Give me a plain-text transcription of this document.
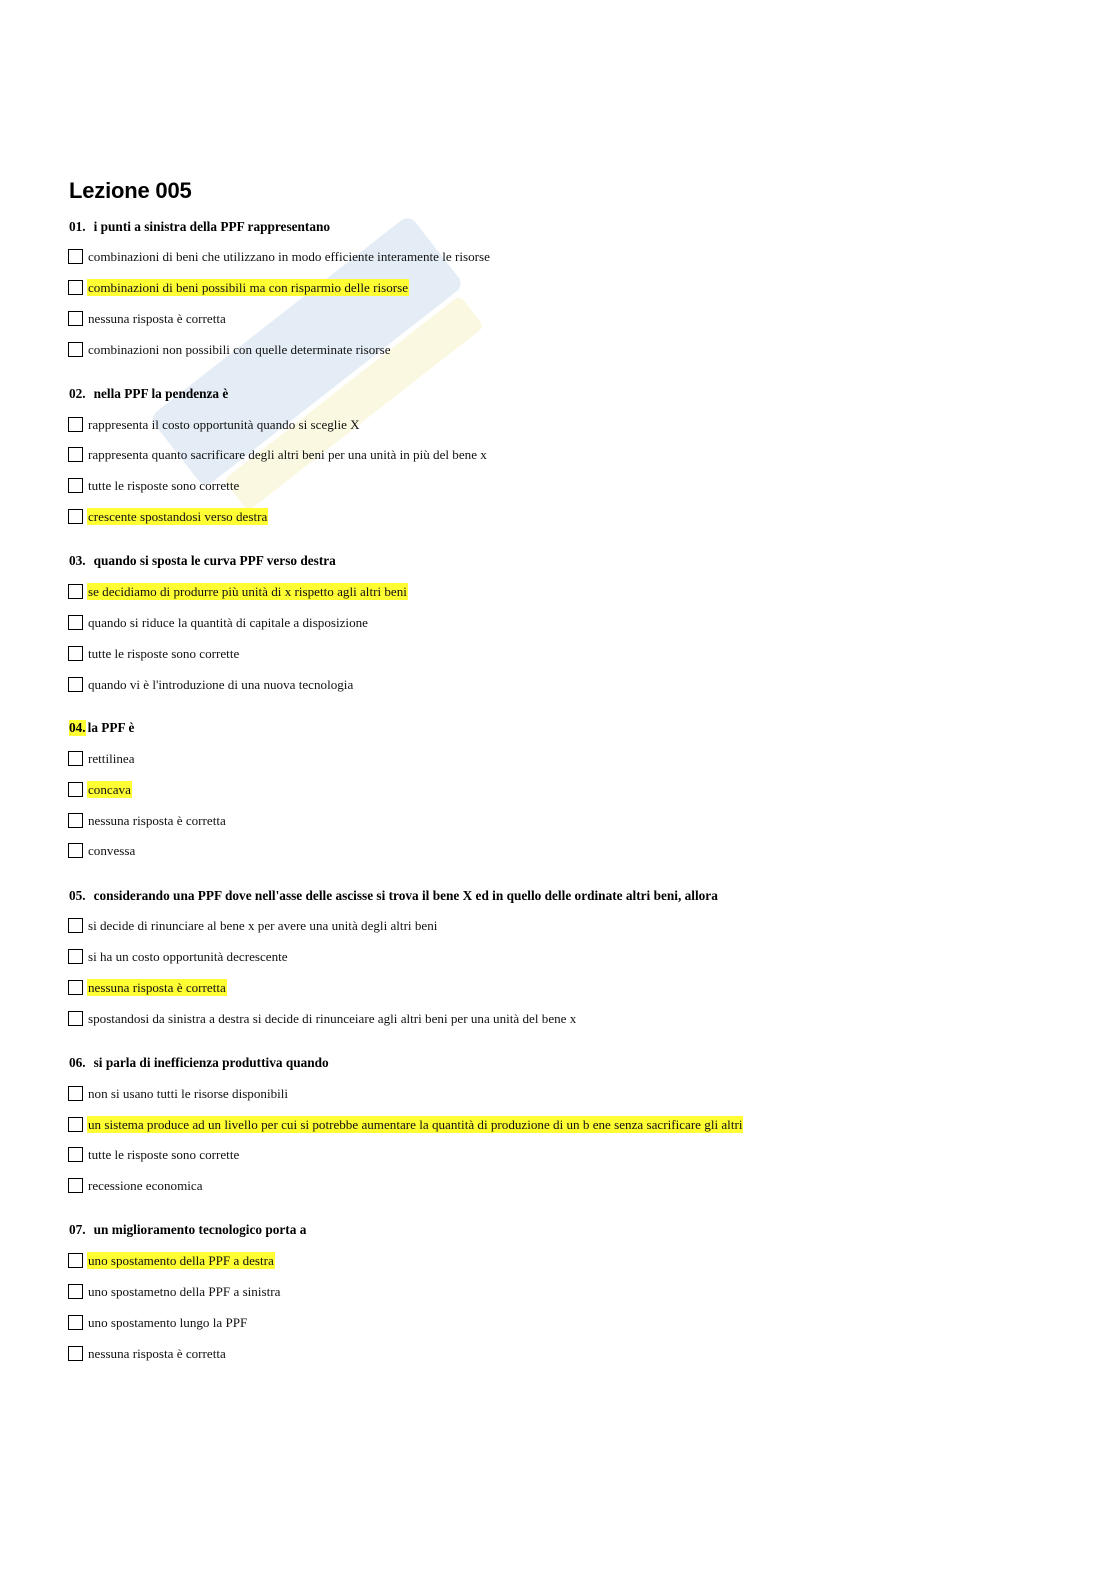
Lezione 005
01. i punti a sinistra della PPF rappresentano
combinazioni di beni che utilizzano in modo efficiente interamente le risorse
combinazioni di beni possibili ma con risparmio delle risorse
nessuna risposta è corretta
combinazioni non possibili con quelle determinate risorse
02. nella PPF la pendenza è
rappresenta il costo opportunità quando si sceglie X
rappresenta quanto sacrificare degli altri beni per una unità in più del bene x
tutte le risposte sono corrette
crescente spostandosi verso destra
03. quando si sposta le curva PPF verso destra
se decidiamo di produrre più unità di x rispetto agli altri beni
quando si riduce la quantità di capitale a disposizione
tutte le risposte sono corrette
quando vi è l'introduzione di una nuova tecnologia
04. la PPF è
rettilinea
concava
nessuna risposta è corretta
convessa
05. considerando una PPF dove nell'asse delle ascisse si trova il bene X ed in quello delle ordinate altri beni, allora
si decide di rinunciare al bene x per avere una unità degli altri beni
si ha un costo opportunità decrescente
nessuna risposta è corretta
spostandosi da sinistra a destra si decide di rinunceiare agli altri beni per una unità del bene x
06. si parla di inefficienza produttiva quando
non si usano tutti le risorse disponibili
un sistema produce ad un livello per cui si potrebbe aumentare la quantità di produzione di un b ene senza sacrificare gli altri
tutte le risposte sono corrette
recessione economica
07. un miglioramento tecnologico porta a
uno spostamento della PPF a destra
uno spostametno della PPF a sinistra
uno spostamento lungo la PPF
nessuna risposta è corretta
